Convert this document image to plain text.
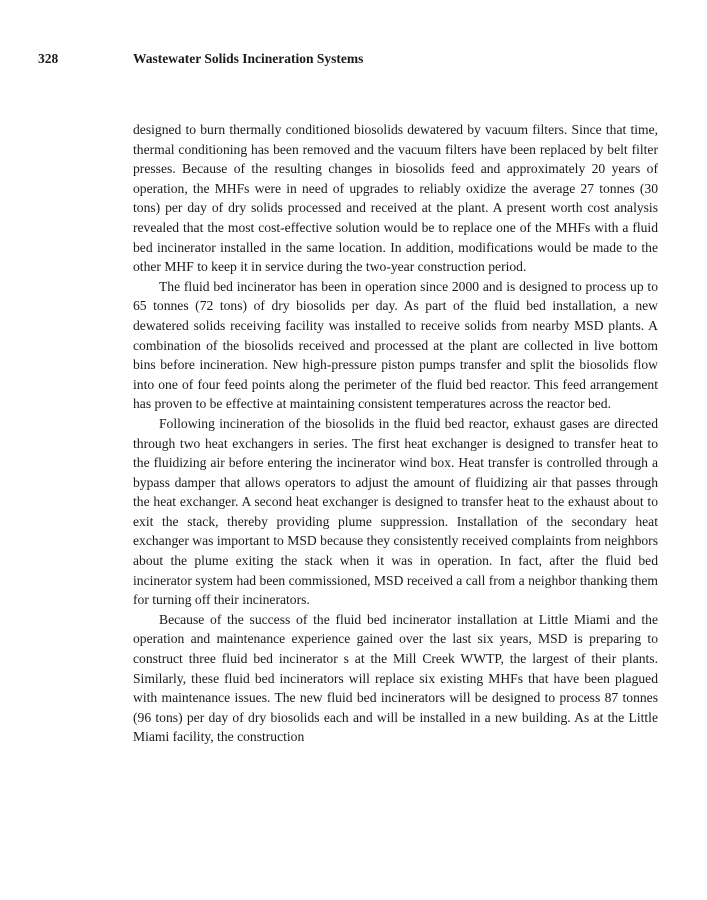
328	Wastewater Solids Incineration Systems

designed to burn thermally conditioned biosolids dewatered by vacuum filters. Since that time, thermal conditioning has been removed and the vacuum filters have been replaced by belt filter presses. Because of the resulting changes in biosolids feed and approximately 20 years of operation, the MHFs were in need of upgrades to reliably oxidize the average 27 tonnes (30 tons) per day of dry solids processed and received at the plant. A present worth cost analysis revealed that the most cost-effective solution would be to replace one of the MHFs with a fluid bed incinerator installed in the same location. In addition, modifications would be made to the other MHF to keep it in service during the two-year construction period.

The fluid bed incinerator has been in operation since 2000 and is designed to process up to 65 tonnes (72 tons) of dry biosolids per day. As part of the fluid bed installation, a new dewatered solids receiving facility was installed to receive solids from nearby MSD plants. A combination of the biosolids received and processed at the plant are collected in live bottom bins before incineration. New high-pressure piston pumps transfer and split the biosolids flow into one of four feed points along the perimeter of the fluid bed reactor. This feed arrangement has proven to be effective at maintaining consistent temperatures across the reactor bed.

Following incineration of the biosolids in the fluid bed reactor, exhaust gases are directed through two heat exchangers in series. The first heat exchanger is designed to transfer heat to the fluidizing air before entering the incinerator wind box. Heat transfer is controlled through a bypass damper that allows operators to adjust the amount of fluidizing air that passes through the heat exchanger. A second heat exchanger is designed to transfer heat to the exhaust about to exit the stack, thereby providing plume suppression. Installation of the secondary heat exchanger was important to MSD because they consistently received complaints from neighbors about the plume exiting the stack when it was in operation. In fact, after the fluid bed incinerator system had been commissioned, MSD received a call from a neighbor thanking them for turning off their incinerators.

Because of the success of the fluid bed incinerator installation at Little Miami and the operation and maintenance experience gained over the last six years, MSD is preparing to construct three fluid bed incinerator s at the Mill Creek WWTP, the largest of their plants. Similarly, these fluid bed incinerators will replace six existing MHFs that have been plagued with maintenance issues. The new fluid bed incinerators will be designed to process 87 tonnes (96 tons) per day of dry biosolids each and will be installed in a new building. As at the Little Miami facility, the construction
